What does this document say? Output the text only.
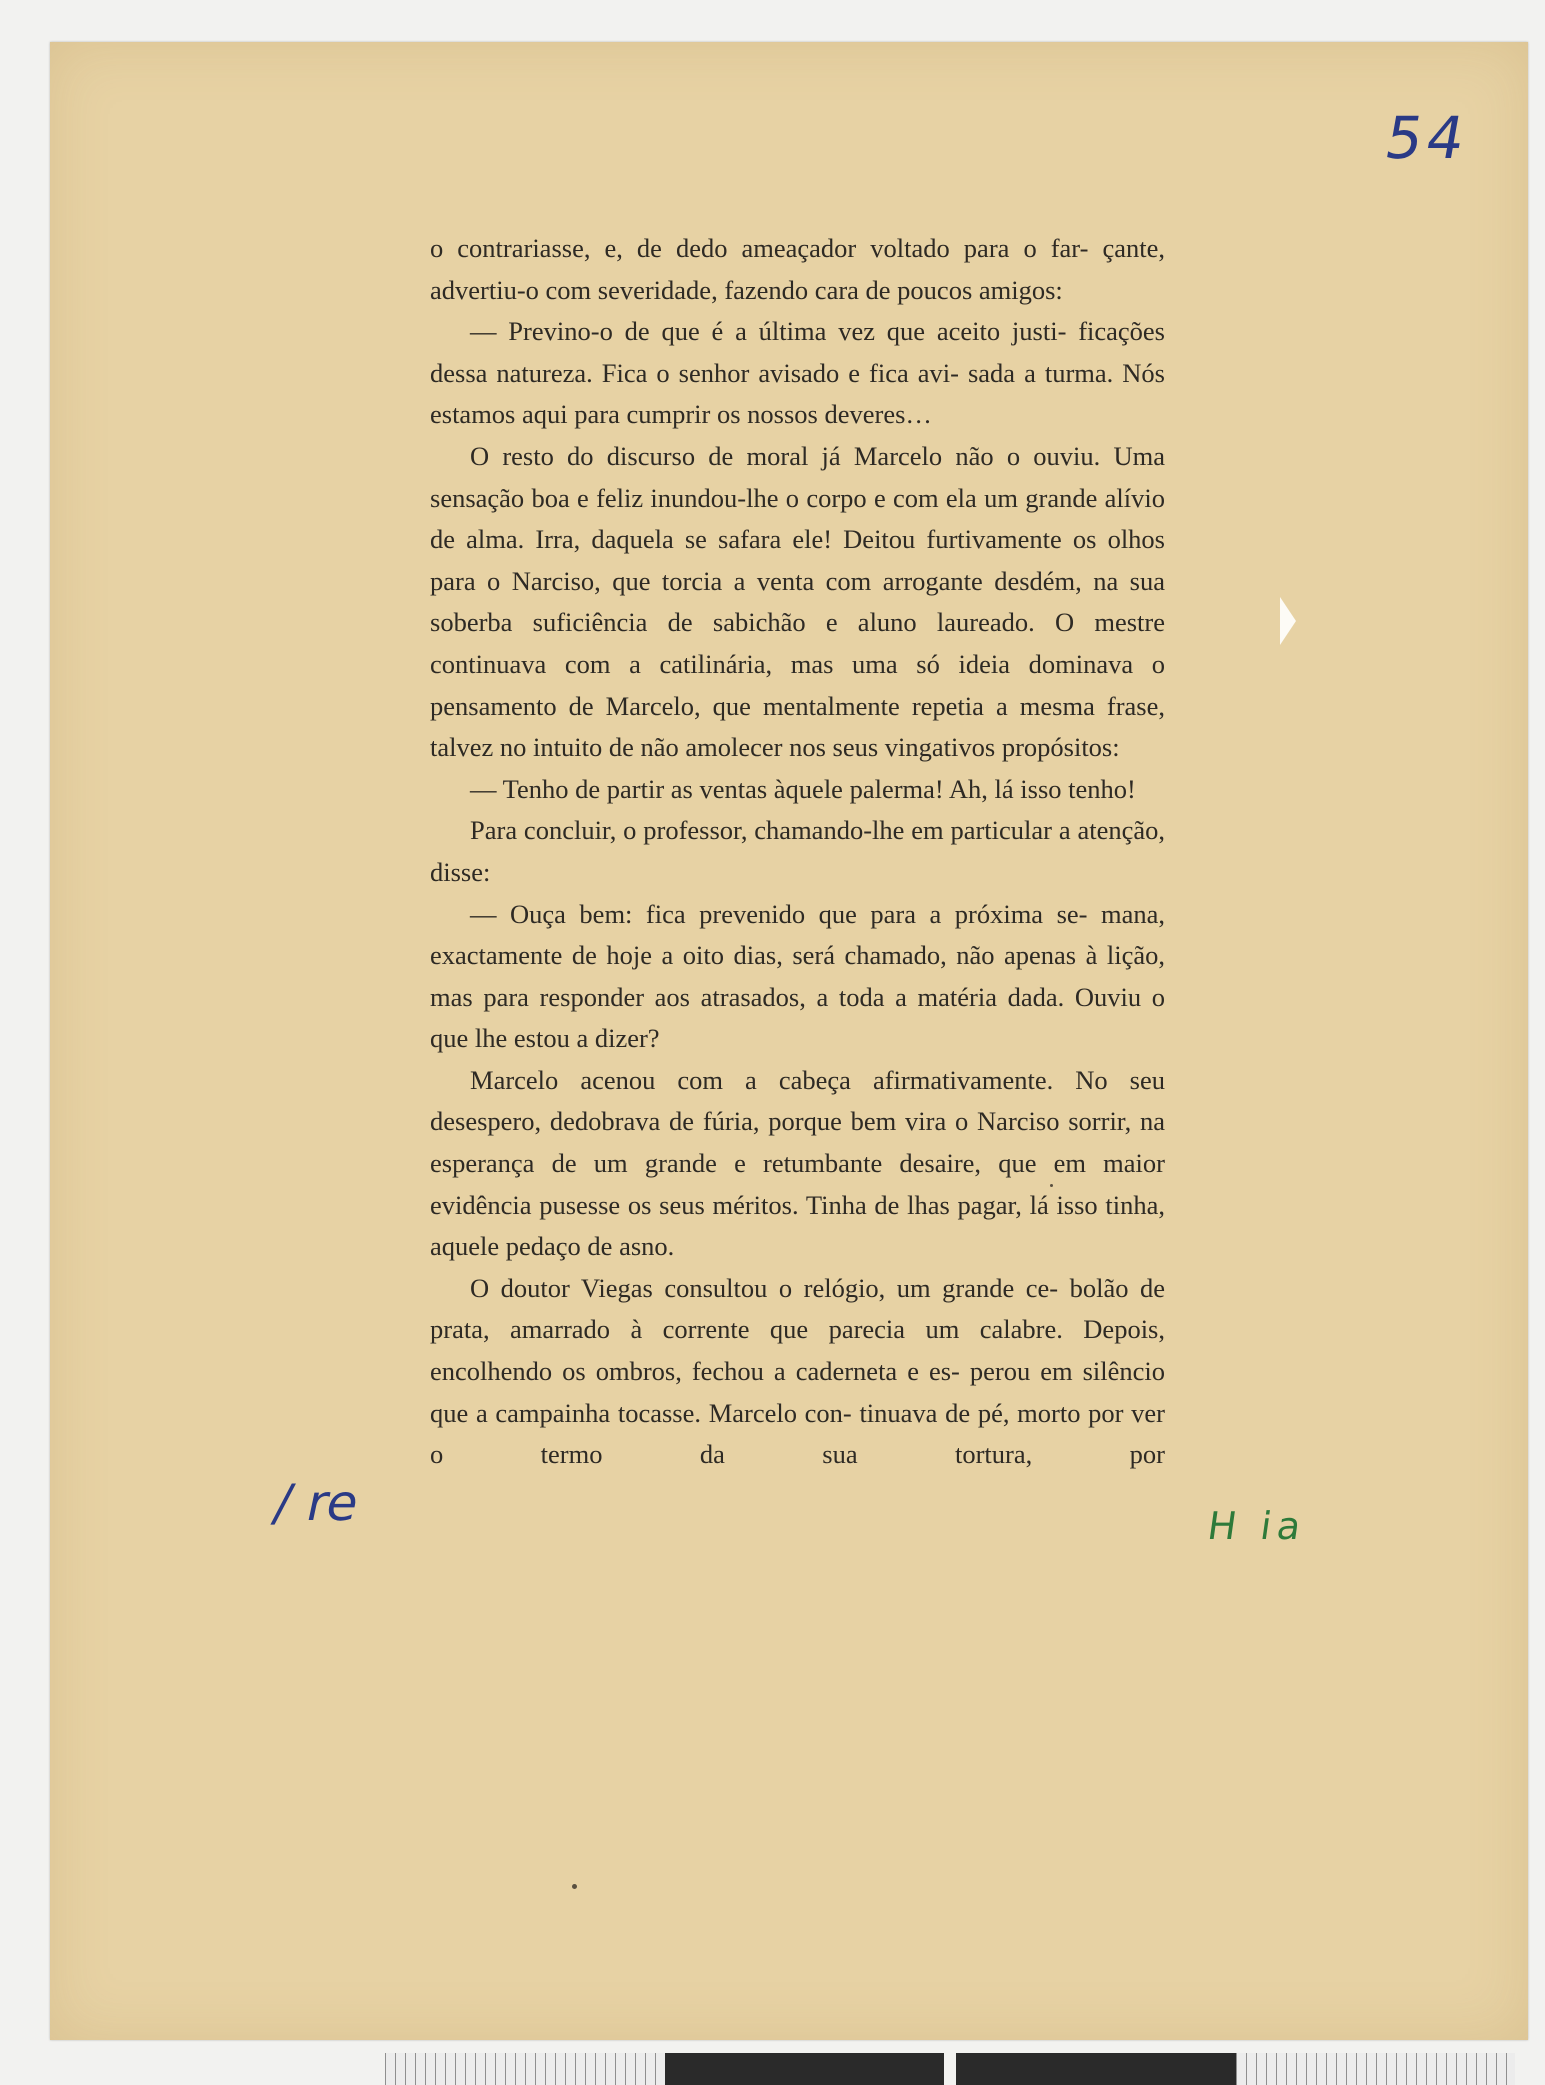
54

o contrariasse, e, de dedo ameaçador voltado para o far- çante, advertiu-o com severidade, fazendo cara de poucos amigos:

— Previno-o de que é a última vez que aceito justi- ficações dessa natureza. Fica o senhor avisado e fica avi- sada a turma. Nós estamos aqui para cumprir os nossos deveres…

O resto do discurso de moral já Marcelo não o ouviu. Uma sensação boa e feliz inundou-lhe o corpo e com ela um grande alívio de alma. Irra, daquela se safara ele! Deitou furtivamente os olhos para o Narciso, que torcia a venta com arrogante desdém, na sua soberba suficiência de sabichão e aluno laureado. O mestre continuava com a catilinária, mas uma só ideia dominava o pensamento de Marcelo, que mentalmente repetia a mesma frase, talvez no intuito de não amolecer nos seus vingativos propósitos:

— Tenho de partir as ventas àquele palerma! Ah, lá isso tenho!

Para concluir, o professor, chamando-lhe em particular a atenção, disse:

— Ouça bem: fica prevenido que para a próxima se- mana, exactamente de hoje a oito dias, será chamado, não apenas à lição, mas para responder aos atrasados, a toda a matéria dada. Ouviu o que lhe estou a dizer?

Marcelo acenou com a cabeça afirmativamente. No seu desespero, dedobrava de fúria, porque bem vira o Narciso sorrir, na esperança de um grande e retumbante desaire, que em maior evidência pusesse os seus méritos. Tinha de lhas pagar, lá isso tinha, aquele pedaço de asno.

O doutor Viegas consultou o relógio, um grande ce- bolão de prata, amarrado à corrente que parecia um calabre. Depois, encolhendo os ombros, fechou a caderneta e es- perou em silêncio que a campainha tocasse. Marcelo con- tinuava de pé, morto por ver o termo da sua tortura, por

/ re	H ia
